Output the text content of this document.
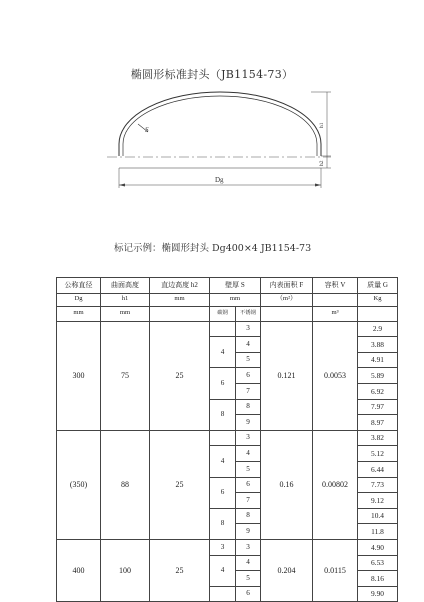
椭圆形标准封头（JB1154-73）
S
h1
h2
Dg
标记示例：椭圆形封头 Dg400×4 JB1154-73
公称直径	曲面高度	直边高度 h2	壁厚 S		内表面积 F	容积 V	质量 G
Dg	h1	mm	mm		（m²）		Kg
mm	mm		碳钢	不锈钢		m³	
300	75	25		3	0.121	0.0053	2.9
			4	4			3.88
				5			4.91
			6	6			5.89
				7			6.92
			8	8			7.97
				9			8.97
(350)	88	25		3	0.16	0.00802	3.82
			4	4			5.12
				5			6.44
			6	6			7.73
				7			9.12
			8	8			10.4
				9			11.8
400	100	25	3	3	0.204	0.0115	4.90
			4	4			6.53
				5			8.16
				6			9.90
